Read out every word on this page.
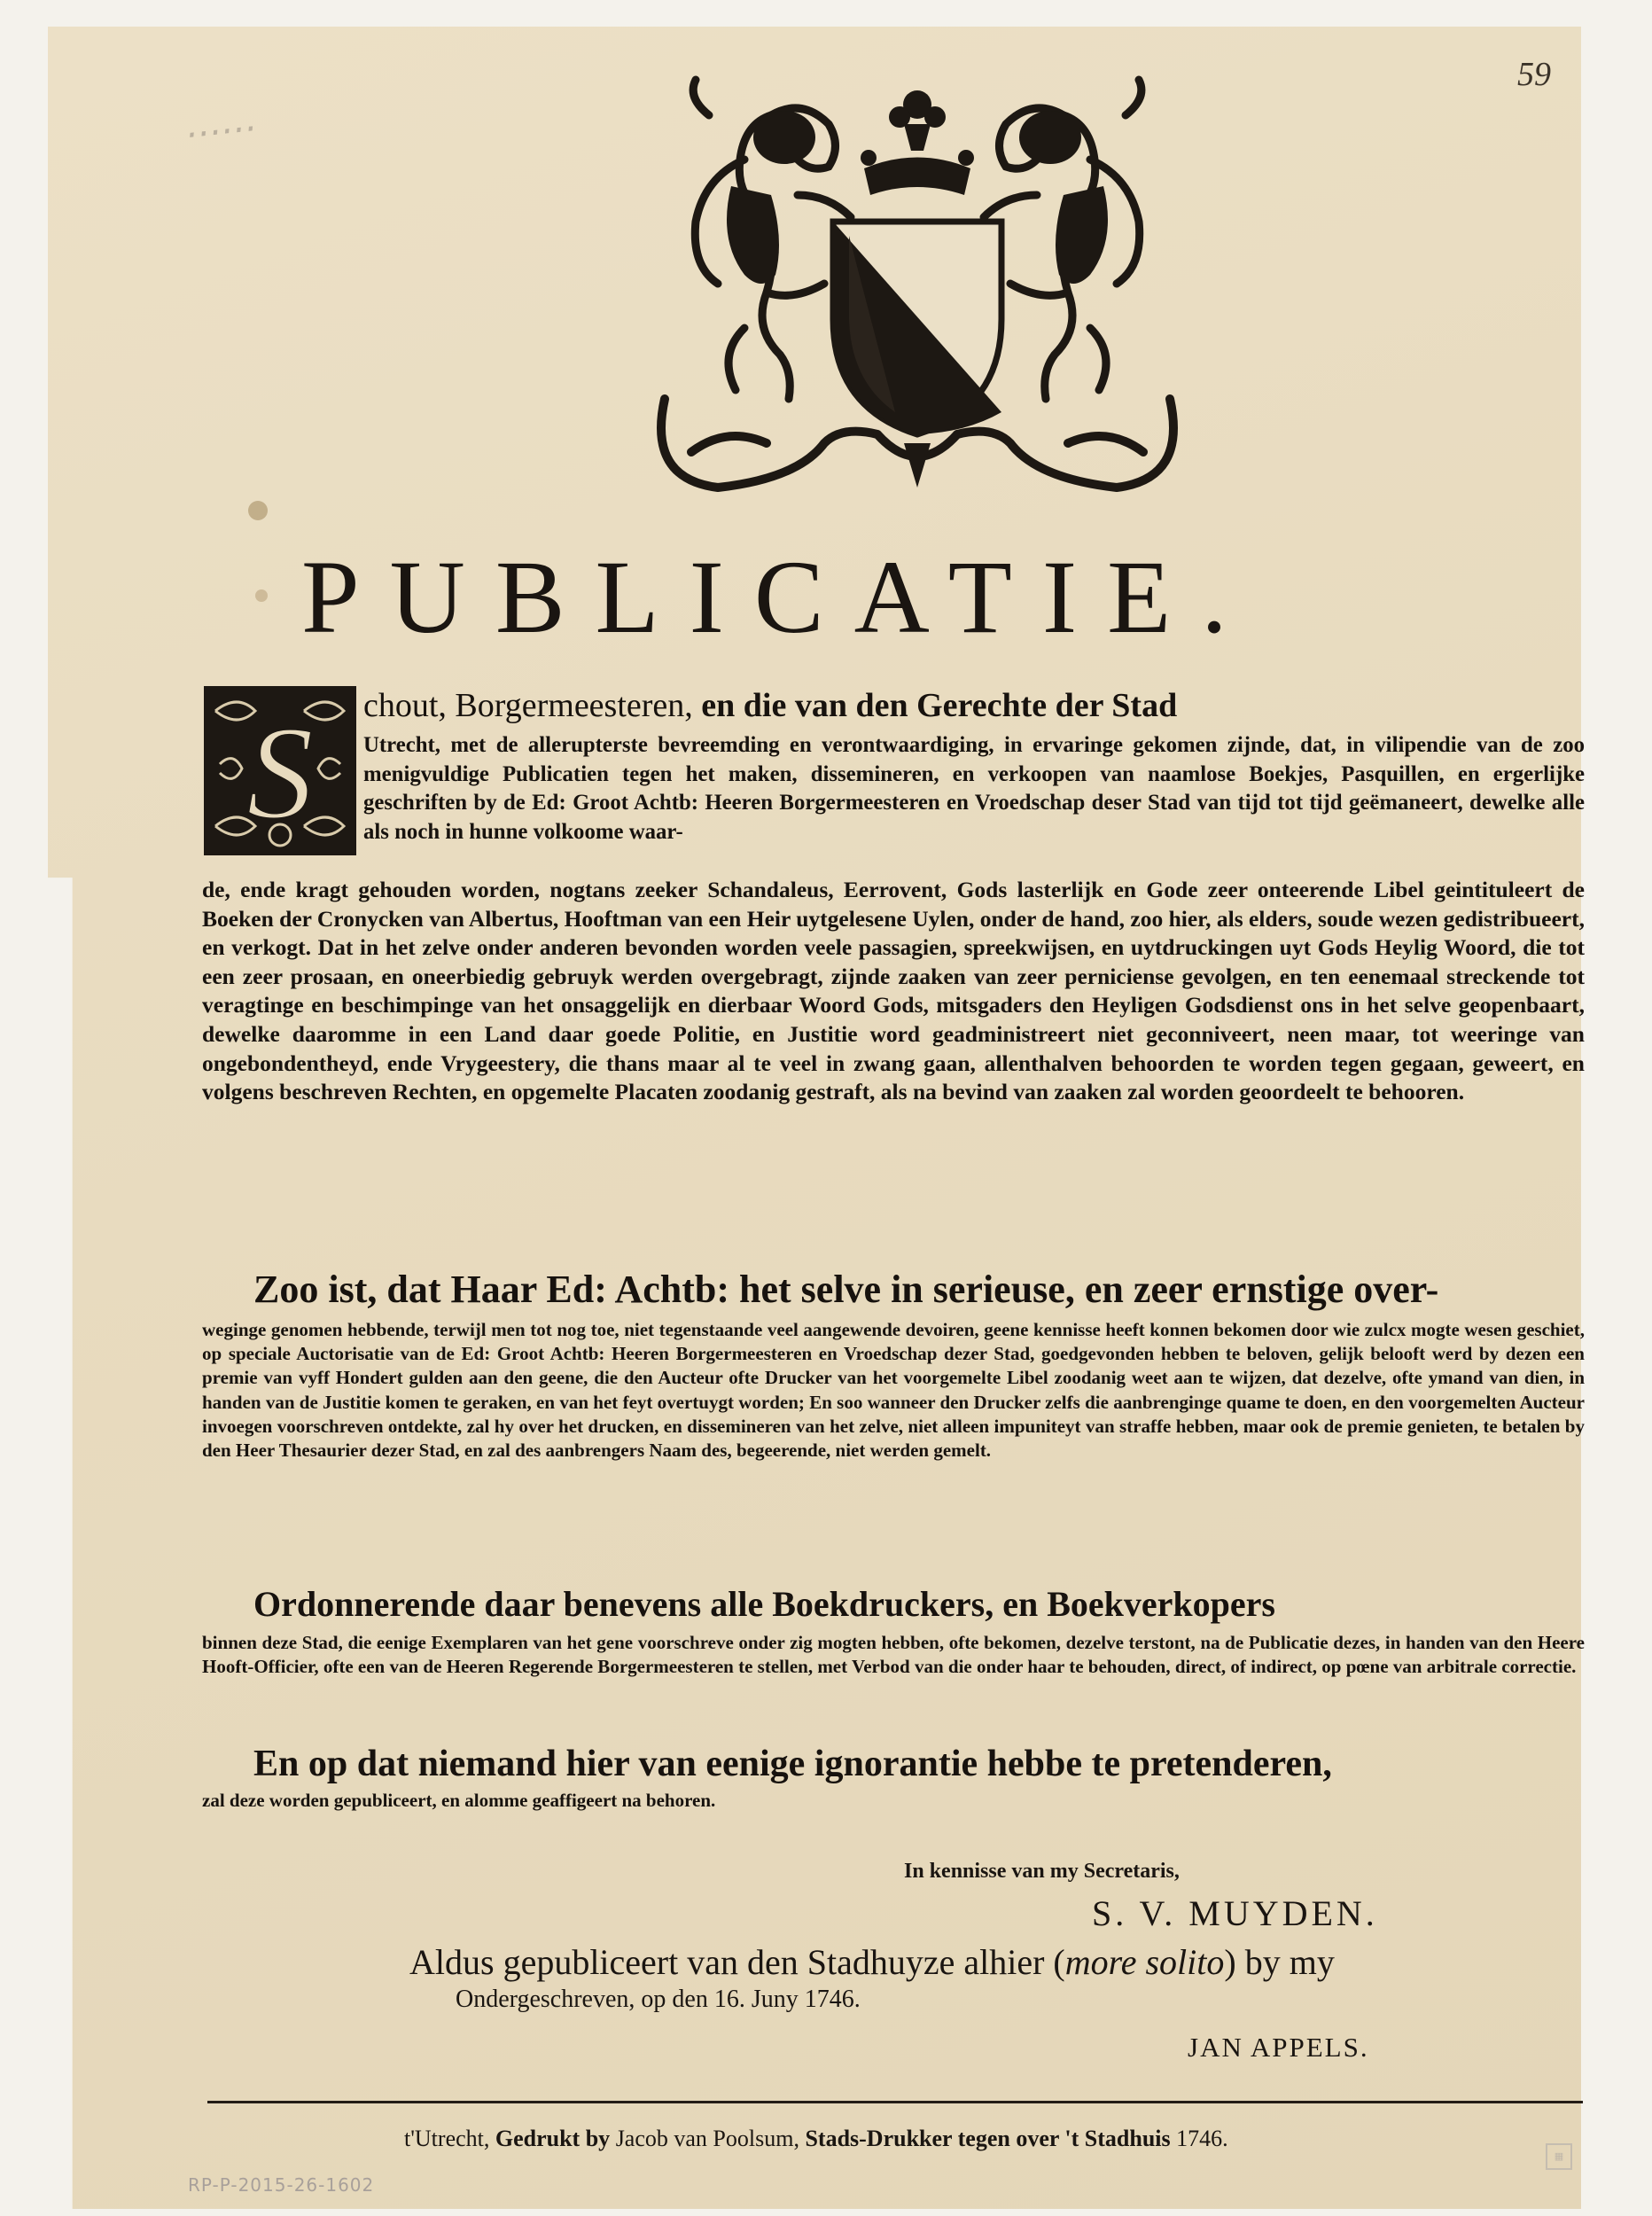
……
59
PUBLICATIE.
S chout, Borgermeesteren, en die van den Gerechte der Stad

Utrecht, met de allerupterste bevreemding en verontwaardiging, in ervaringe gekomen zijnde, dat, in vilipendie van de zoo menigvuldige Publicatien tegen het maken, dissemineren, en verkoopen van naamlose Boekjes, Pasquillen, en ergerlijke geschriften by de Ed: Groot Achtb: Heeren Borgermeesteren en Vroedschap deser Stad van tijd tot tijd geëmaneert, dewelke alle als noch in hunne volkoome waar-

de, ende kragt gehouden worden, nogtans zeeker Schandaleus, Eerrovent, Gods lasterlijk en Gode zeer onteerende Libel geintituleert de Boeken der Cronycken van Albertus, Hooftman van een Heir uytgelesene Uylen, onder de hand, zoo hier, als elders, soude wezen gedistribueert, en verkogt. Dat in het zelve onder anderen bevonden worden veele passagien, spreekwijsen, en uytdruckingen uyt Gods Heylig Woord, die tot een zeer prosaan, en oneerbiedig gebruyk werden overgebragt, zijnde zaaken van zeer perniciense gevolgen, en ten eenemaal streckende tot veragtinge en beschimpinge van het onsaggelijk en dierbaar Woord Gods, mitsgaders den Heyligen Godsdienst ons in het selve geopenbaart, dewelke daaromme in een Land daar goede Politie, en Justitie word geadministreert niet geconniveert, neen maar, tot weeringe van ongebondentheyd, ende Vrygeestery, die thans maar al te veel in zwang gaan, allenthalven behoorden te worden tegen gegaan, geweert, en volgens beschreven Rechten, en opgemelte Placaten zoodanig gestraft, als na bevind van zaaken zal worden geoordeelt te behooren.

Zoo ist, dat Haar Ed: Achtb: het selve in serieuse, en zeer ernstige over-

weginge genomen hebbende, terwijl men tot nog toe, niet tegenstaande veel aangewende devoiren, geene kennisse heeft konnen bekomen door wie zulcx mogte wesen geschiet, op speciale Auctorisatie van de Ed: Groot Achtb: Heeren Borgermeesteren en Vroedschap dezer Stad, goedgevonden hebben te beloven, gelijk belooft werd by dezen een premie van vyff Hondert gulden aan den geene, die den Aucteur ofte Drucker van het voorgemelte Libel zoodanig weet aan te wijzen, dat dezelve, ofte ymand van dien, in handen van de Justitie komen te geraken, en van het feyt overtuygt worden; En soo wanneer den Drucker zelfs die aanbrenginge quame te doen, en den voorgemelten Aucteur invoegen voorschreven ontdekte, zal hy over het drucken, en dissemineren van het zelve, niet alleen impuniteyt van straffe hebben, maar ook de premie genieten, te betalen by den Heer Thesaurier dezer Stad, en zal des aanbrengers Naam des, begeerende, niet werden gemelt.

Ordonnerende daar benevens alle Boekdruckers, en Boekverkopers

binnen deze Stad, die eenige Exemplaren van het gene voorschreve onder zig mogten hebben, ofte bekomen, dezelve terstont, na de Publicatie dezes, in handen van den Heere Hooft-Officier, ofte een van de Heeren Regerende Borgermeesteren te stellen, met Verbod van die onder haar te behouden, direct, of indirect, op pœne van arbitrale correctie.

En op dat niemand hier van eenige ignorantie hebbe te pretenderen,

zal deze worden gepubliceert, en alomme geaffigeert na behoren.

In kennisse van my Secretaris,
S. V. MUYDEN.
Aldus gepubliceert van den Stadhuyze alhier (more solito) by my
Ondergeschreven, op den 16. Juny 1746.
JAN APPELS.
t'Utrecht, Gedrukt by Jacob van Poolsum, Stads-Drukker tegen over 't Stadhuis 1746.
RP-P-2015-26-1602
▦
